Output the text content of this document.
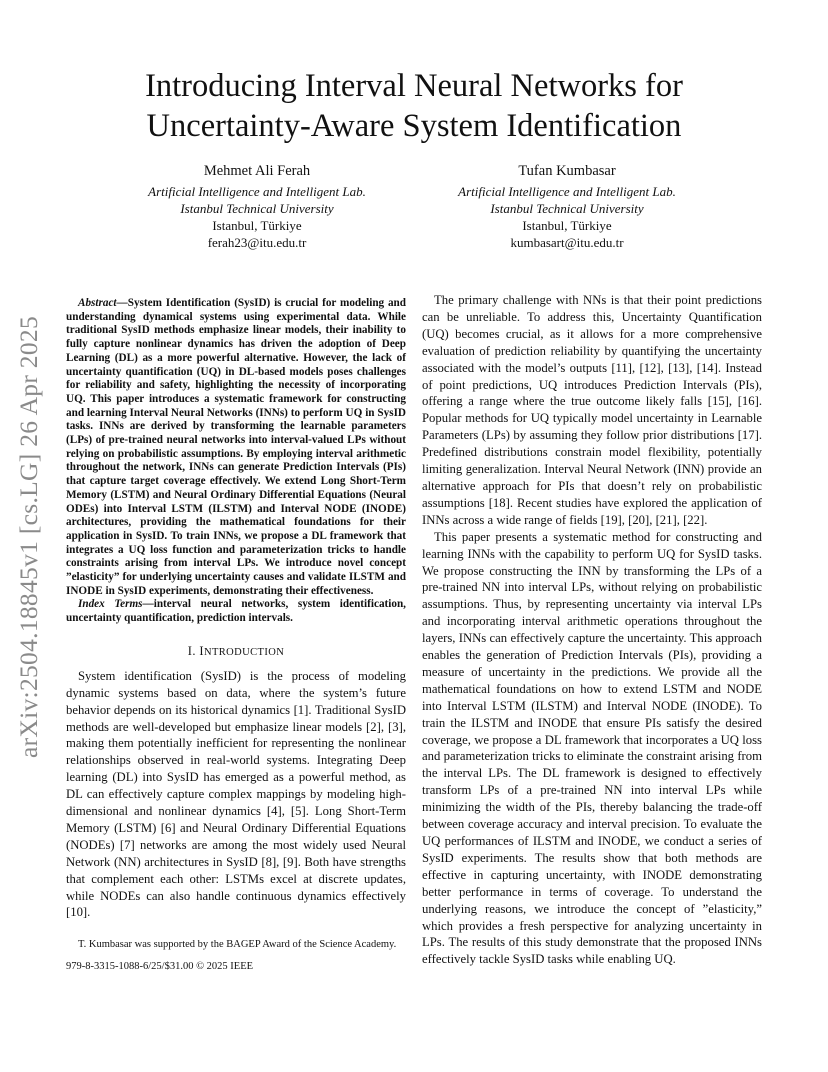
arXiv:2504.18845v1 [cs.LG] 26 Apr 2025
Introducing Interval Neural Networks for
Uncertainty-Aware System Identification
Mehmet Ali Ferah
Artificial Intelligence and Intelligent Lab.
Istanbul Technical University
Istanbul, Türkiye
ferah23@itu.edu.tr
Tufan Kumbasar
Artificial Intelligence and Intelligent Lab.
Istanbul Technical University
Istanbul, Türkiye
kumbasart@itu.edu.tr

Abstract—System Identification (SysID) is crucial for modeling and understanding dynamical systems using experimental data. While traditional SysID methods emphasize linear models, their inability to fully capture nonlinear dynamics has driven the adoption of Deep Learning (DL) as a more powerful alternative. However, the lack of uncertainty quantification (UQ) in DL-based models poses challenges for reliability and safety, highlighting the necessity of incorporating UQ. This paper introduces a systematic framework for constructing and learning Interval Neural Networks (INNs) to perform UQ in SysID tasks. INNs are derived by transforming the learnable parameters (LPs) of pre-trained neural networks into interval-valued LPs without relying on probabilistic assumptions. By employing interval arithmetic throughout the network, INNs can generate Prediction Intervals (PIs) that capture target coverage effectively. We extend Long Short-Term Memory (LSTM) and Neural Ordinary Differential Equations (Neural ODEs) into Interval LSTM (ILSTM) and Interval NODE (INODE) architectures, providing the mathematical foundations for their application in SysID. To train INNs, we propose a DL framework that integrates a UQ loss function and parameterization tricks to handle constraints arising from interval LPs. We introduce novel concept ”elasticity” for underlying uncertainty causes and validate ILSTM and INODE in SysID experiments, demonstrating their effectiveness.

Index Terms—interval neural networks, system identification, uncertainty quantification, prediction intervals.

I. INTRODUCTION

System identification (SysID) is the process of modeling dynamic systems based on data, where the system’s future behavior depends on its historical dynamics [1]. Traditional SysID methods are well-developed but emphasize linear models [2], [3], making them potentially inefficient for representing the nonlinear relationships observed in real-world systems. Integrating Deep learning (DL) into SysID has emerged as a powerful method, as DL can effectively capture complex mappings by modeling high-dimensional and nonlinear dynamics [4], [5]. Long Short-Term Memory (LSTM) [6] and Neural Ordinary Differential Equations (NODEs) [7] networks are among the most widely used Neural Network (NN) architectures in SysID [8], [9]. Both have strengths that complement each other: LSTMs excel at discrete updates, while NODEs can also handle continuous dynamics effectively [10].

T. Kumbasar was supported by the BAGEP Award of the Science Academy.
979-8-3315-1088-6/25/$31.00 © 2025 IEEE

The primary challenge with NNs is that their point predictions can be unreliable. To address this, Uncertainty Quantification (UQ) becomes crucial, as it allows for a more comprehensive evaluation of prediction reliability by quantifying the uncertainty associated with the model’s outputs [11], [12], [13], [14]. Instead of point predictions, UQ introduces Prediction Intervals (PIs), offering a range where the true outcome likely falls [15], [16]. Popular methods for UQ typically model uncertainty in Learnable Parameters (LPs) by assuming they follow prior distributions [17]. Predefined distributions constrain model flexibility, potentially limiting generalization. Interval Neural Network (INN) provide an alternative approach for PIs that doesn’t rely on probabilistic assumptions [18]. Recent studies have explored the application of INNs across a wide range of fields [19], [20], [21], [22].

This paper presents a systematic method for constructing and learning INNs with the capability to perform UQ for SysID tasks. We propose constructing the INN by transforming the LPs of a pre-trained NN into interval LPs, without relying on probabilistic assumptions. Thus, by representing uncertainty via interval LPs and incorporating interval arithmetic operations throughout the layers, INNs can effectively capture the uncertainty. This approach enables the generation of Prediction Intervals (PIs), providing a measure of uncertainty in the predictions. We provide all the mathematical foundations on how to extend LSTM and NODE into Interval LSTM (ILSTM) and Interval NODE (INODE). To train the ILSTM and INODE that ensure PIs satisfy the desired coverage, we propose a DL framework that incorporates a UQ loss and parameterization tricks to eliminate the constraint arising from the interval LPs. The DL framework is designed to effectively transform LPs of a pre-trained NN into interval LPs while minimizing the width of the PIs, thereby balancing the trade-off between coverage accuracy and interval precision. To evaluate the UQ performances of ILSTM and INODE, we conduct a series of SysID experiments. The results show that both methods are effective in capturing uncertainty, with INODE demonstrating better performance in terms of coverage. To understand the underlying reasons, we introduce the concept of ”elasticity,” which provides a fresh perspective for analyzing uncertainty in LPs. The results of this study demonstrate that the proposed INNs effectively tackle SysID tasks while enabling UQ.
